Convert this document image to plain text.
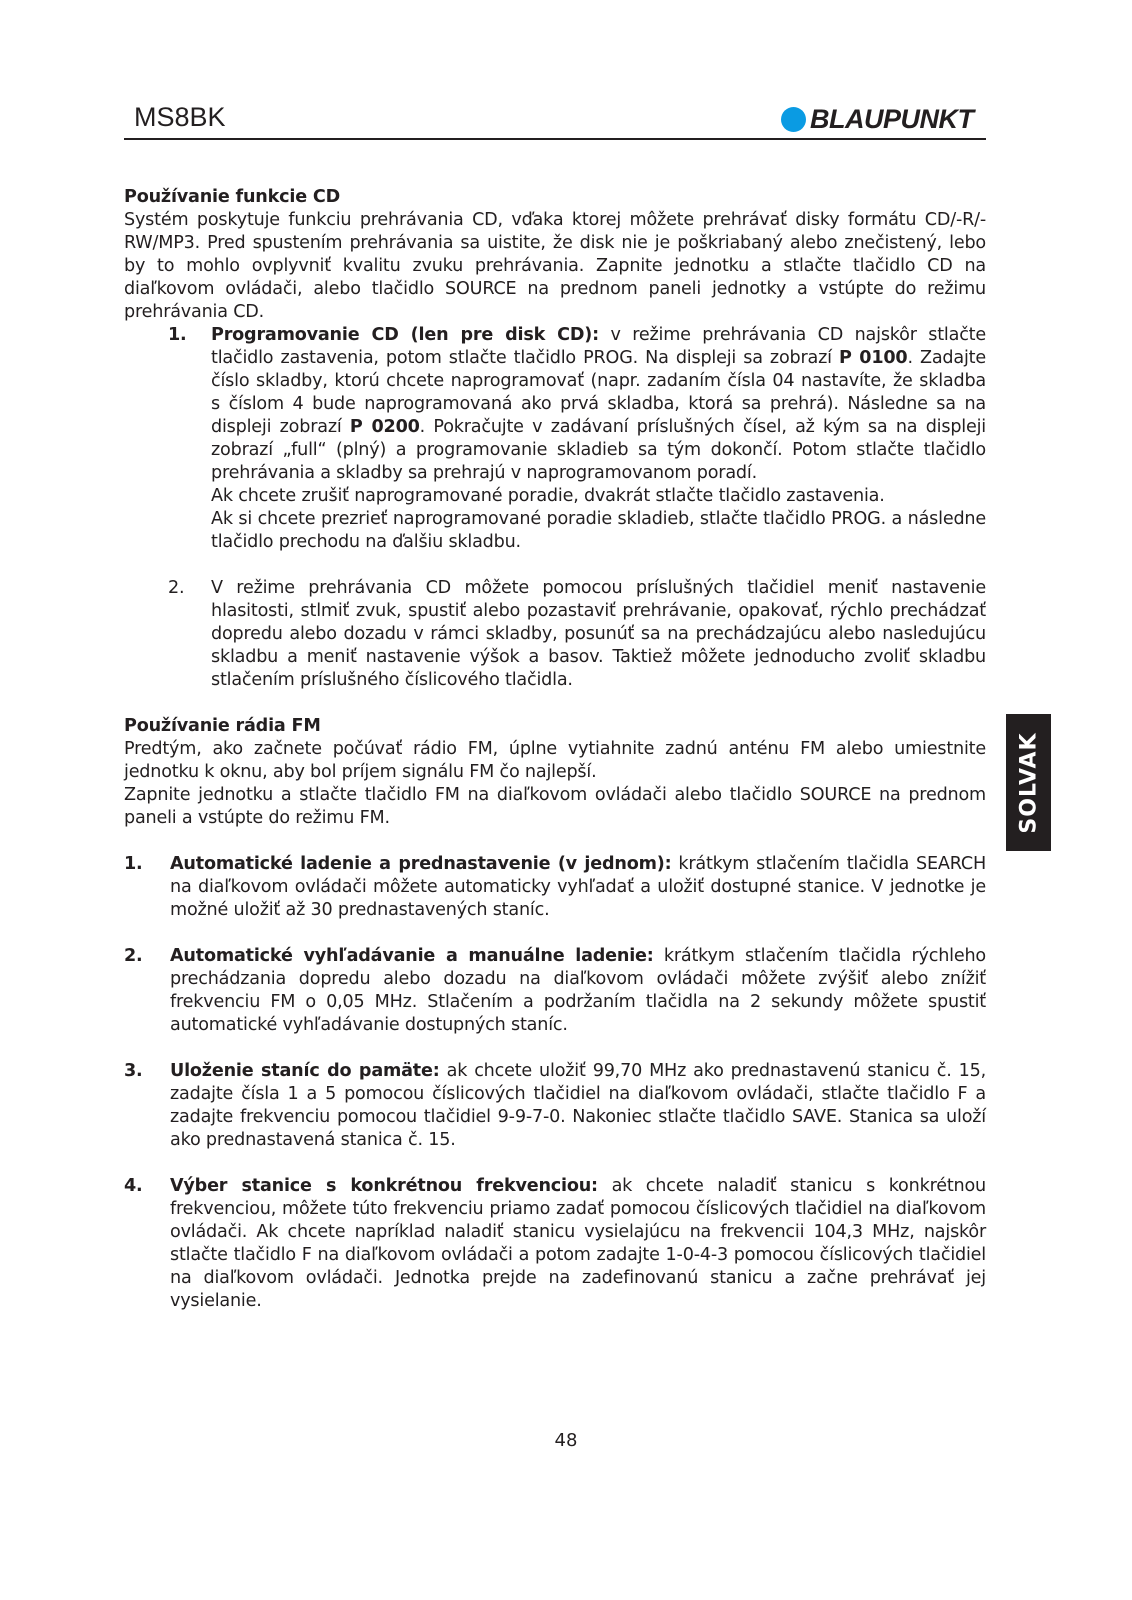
MS8BK	BLAUPUNKT
Používanie funkcie CD

Systém poskytuje funkciu prehrávania CD, vďaka ktorej môžete prehrávať disky formátu CD/-R/-RW/MP3. Pred spustením prehrávania sa uistite, že disk nie je poškriabaný alebo znečistený, lebo by to mohlo ovplyvniť kvalitu zvuku prehrávania. Zapnite jednotku a stlačte tlačidlo CD na diaľkovom ovládači, alebo tlačidlo SOURCE na prednom paneli jednotky a vstúpte do režimu prehrávania CD.

1.	Programovanie CD (len pre disk CD): v režime prehrávania CD najskôr stlačte tlačidlo zastavenia, potom stlačte tlačidlo PROG. Na displeji sa zobrazí P 0100. Zadajte číslo skladby, ktorú chcete naprogramovať (napr. zadaním čísla 04 nastavíte, že skladba s číslom 4 bude naprogramovaná ako prvá skladba, ktorá sa prehrá). Následne sa na displeji zobrazí P 0200. Pokračujte v zadávaní príslušných čísel, až kým sa na displeji zobrazí „full“ (plný) a programovanie skladieb sa tým dokončí. Potom stlačte tlačidlo prehrávania a skladby sa prehrajú v naprogramovanom poradí.

Ak chcete zrušiť naprogramované poradie, dvakrát stlačte tlačidlo zastavenia.

Ak si chcete prezrieť naprogramované poradie skladieb, stlačte tlačidlo PROG. a následne tlačidlo prechodu na ďalšiu skladbu.

2.	V režime prehrávania CD môžete pomocou príslušných tlačidiel meniť nastavenie hlasitosti, stlmiť zvuk, spustiť alebo pozastaviť prehrávanie, opakovať, rýchlo prechádzať dopredu alebo dozadu v rámci skladby, posunúť sa na prechádzajúcu alebo nasledujúcu skladbu a meniť nastavenie výšok a basov. Taktiež môžete jednoducho zvoliť skladbu stlačením príslušného číslicového tlačidla.

Používanie rádia FM

Predtým, ako začnete počúvať rádio FM, úplne vytiahnite zadnú anténu FM alebo umiestnite jednotku k oknu, aby bol príjem signálu FM čo najlepší.

Zapnite jednotku a stlačte tlačidlo FM na diaľkovom ovládači alebo tlačidlo SOURCE na prednom paneli a vstúpte do režimu FM.

1.	Automatické ladenie a prednastavenie (v jednom): krátkym stlačením tlačidla SEARCH na diaľkovom ovládači môžete automaticky vyhľadať a uložiť dostupné stanice. V jednotke je možné uložiť až 30 prednastavených staníc.

2.	Automatické vyhľadávanie a manuálne ladenie: krátkym stlačením tlačidla rýchleho prechádzania dopredu alebo dozadu na diaľkovom ovládači môžete zvýšiť alebo znížiť frekvenciu FM o 0,05 MHz. Stlačením a podržaním tlačidla na 2 sekundy môžete spustiť automatické vyhľadávanie dostupných staníc.

3.	Uloženie staníc do pamäte: ak chcete uložiť 99,70 MHz ako prednastavenú stanicu č. 15, zadajte čísla 1 a 5 pomocou číslicových tlačidiel na diaľkovom ovládači, stlačte tlačidlo F a zadajte frekvenciu pomocou tlačidiel 9-9-7-0. Nakoniec stlačte tlačidlo SAVE. Stanica sa uloží ako prednastavená stanica č. 15.

4.	Výber stanice s konkrétnou frekvenciou: ak chcete naladiť stanicu s konkrétnou frekvenciou, môžete túto frekvenciu priamo zadať pomocou číslicových tlačidiel na diaľkovom ovládači. Ak chcete napríklad naladiť stanicu vysielajúcu na frekvencii 104,3 MHz, najskôr stlačte tlačidlo F na diaľkovom ovládači a potom zadajte 1-0-4-3 pomocou číslicových tlačidiel na diaľkovom ovládači. Jednotka prejde na zadefinovanú stanicu a začne prehrávať jej vysielanie.

SOLVAK
48
